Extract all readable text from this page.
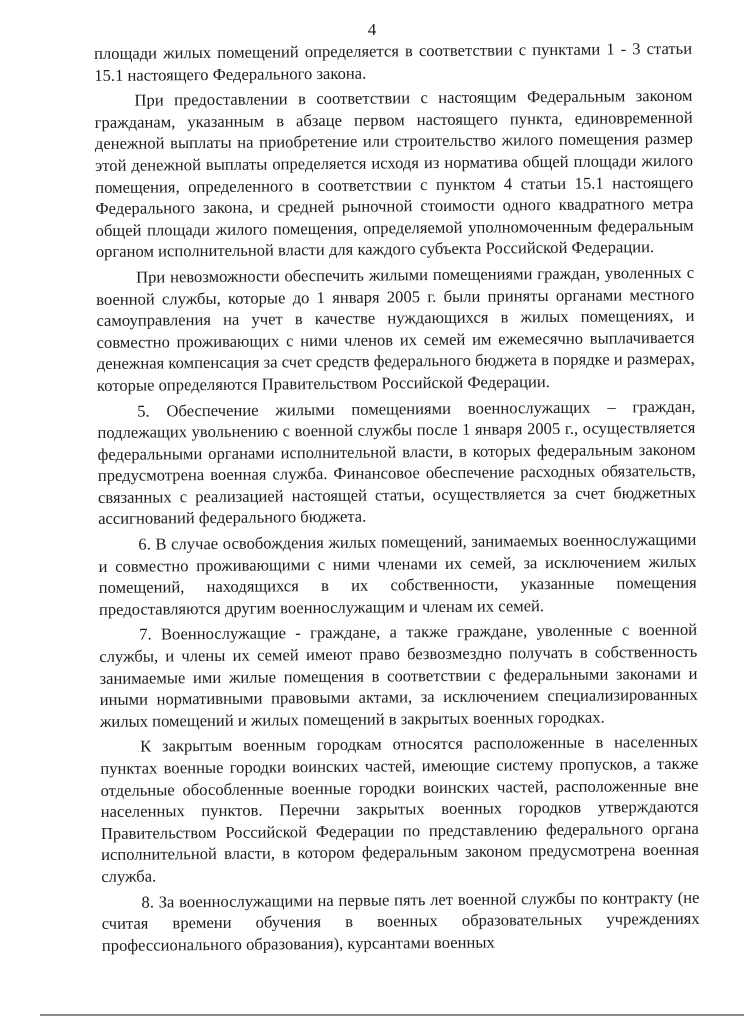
4

площади жилых помещений определяется в соответствии с пунктами 1 - 3 статьи 15.1 настоящего Федерального закона.

При предоставлении в соответствии с настоящим Федеральным законом гражданам, указанным в абзаце первом настоящего пункта, единовременной денежной выплаты на приобретение или строительство жилого помещения размер этой денежной выплаты определяется исходя из норматива общей площади жилого помещения, определенного в соответствии с пунктом 4 статьи 15.1 настоящего Федерального закона, и средней рыночной стоимости одного квадратного метра общей площади жилого помещения, определяемой уполномоченным федеральным органом исполнительной власти для каждого субъекта Российской Федерации.

При невозможности обеспечить жилыми помещениями граждан, уволенных с военной службы, которые до 1 января 2005 г. были приняты органами местного самоуправления на учет в качестве нуждающихся в жилых помещениях, и совместно проживающих с ними членов их семей им ежемесячно выплачивается денежная компенсация за счет средств федерального бюджета в порядке и размерах, которые определяются Правительством Российской Федерации.

5. Обеспечение жилыми помещениями военнослужащих – граждан, подлежащих увольнению с военной службы после 1 января 2005 г., осуществляется федеральными органами исполнительной власти, в которых федеральным законом предусмотрена военная служба. Финансовое обеспечение расходных обязательств, связанных с реализацией настоящей статьи, осуществляется за счет бюджетных ассигнований федерального бюджета.

6. В случае освобождения жилых помещений, занимаемых военнослужащими и совместно проживающими с ними членами их семей, за исключением жилых помещений, находящихся в их собственности, указанные помещения предоставляются другим военнослужащим и членам их семей.

7. Военнослужащие - граждане, а также граждане, уволенные с военной службы, и члены их семей имеют право безвозмездно получать в собственность занимаемые ими жилые помещения в соответствии с федеральными законами и иными нормативными правовыми актами, за исключением специализированных жилых помещений и жилых помещений в закрытых военных городках.

К закрытым военным городкам относятся расположенные в населенных пунктах военные городки воинских частей, имеющие систему пропусков, а также отдельные обособленные военные городки воинских частей, расположенные вне населенных пунктов. Перечни закрытых военных городков утверждаются Правительством Российской Федерации по представлению федерального органа исполнительной власти, в котором федеральным законом предусмотрена военная служба.

8. За военнослужащими на первые пять лет военной службы по контракту (не считая времени обучения в военных образовательных учреждениях профессионального образования), курсантами военных
